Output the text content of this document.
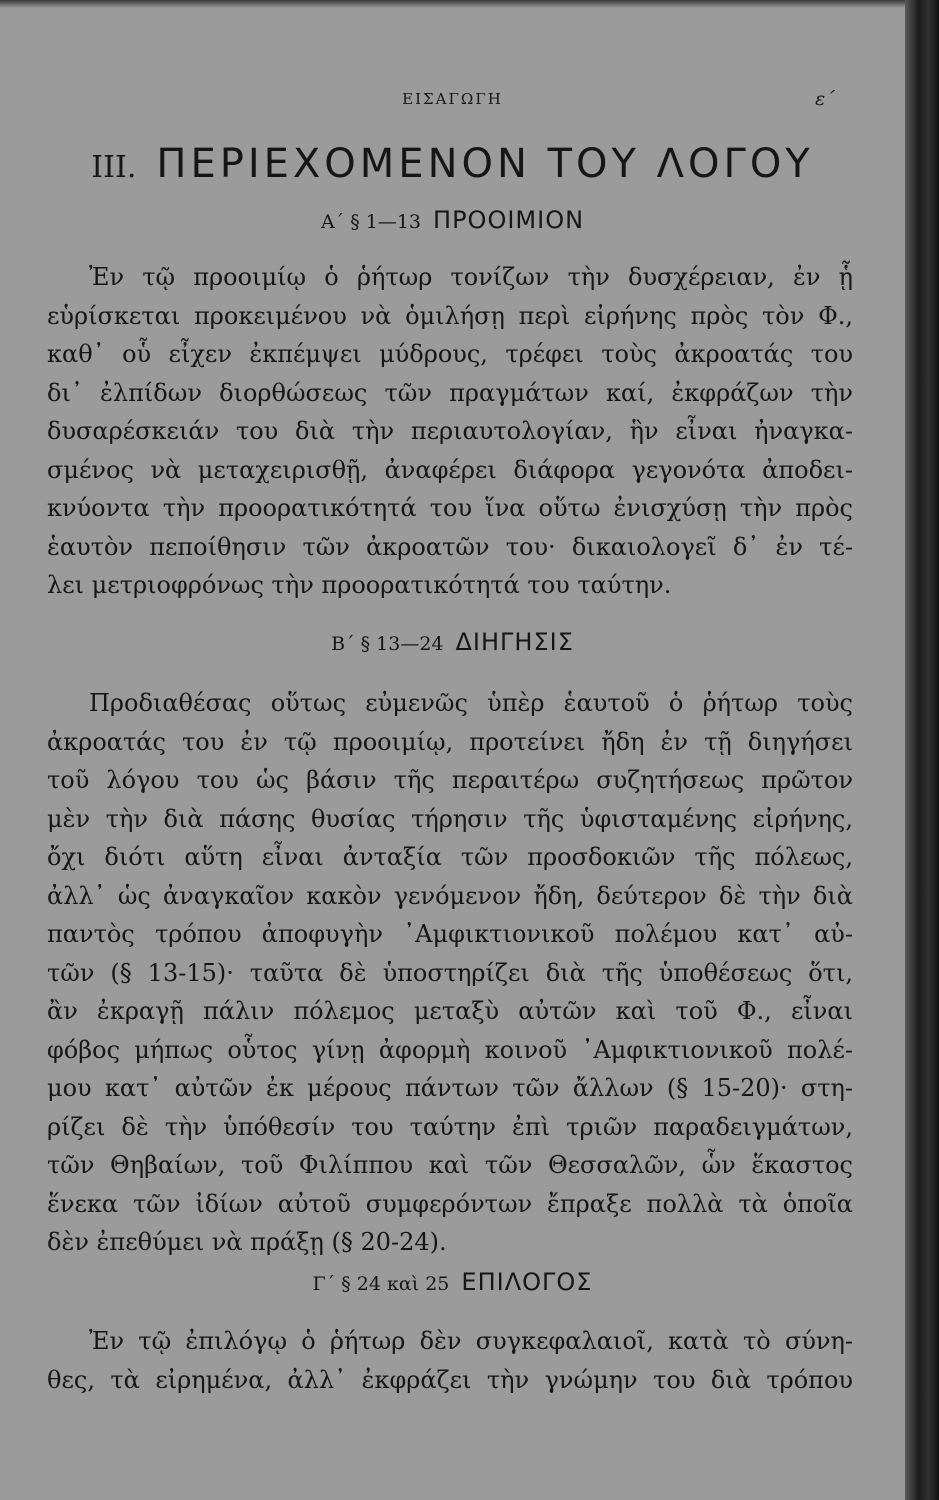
ΕΙΣΑΓΩΓΗ	ε´
III. ΠΕΡΙΕΧΟΜΕΝΟΝ ΤΟΥ ΛΟΓΟΥ
Α΄ § 1—13 ΠΡΟΟΙΜΙΟΝ
Ἐν τῷ προοιμίῳ ὁ ῥήτωρ τονίζων τὴν δυσχέρειαν, ἐν ᾗ
εὑρίσκεται προκειμένου νὰ ὁμιλήσῃ περὶ εἰρήνης πρὸς τὸν Φ.,
καθ᾽ οὗ εἶχεν ἐκπέμψει μύδρους, τρέφει τοὺς ἀκροατάς του
δι᾽ ἐλπίδων διορθώσεως τῶν πραγμάτων καί, ἐκφράζων τὴν
δυσαρέσκειάν του διὰ τὴν περιαυτολογίαν, ἣν εἶναι ἠναγκα-
σμένος νὰ μεταχειρισθῇ, ἀναφέρει διάφορα γεγονότα ἀποδει-
κνύοντα τὴν προορατικότητά του ἵνα οὕτω ἐνισχύσῃ τὴν πρὸς
ἑαυτὸν πεποίθησιν τῶν ἀκροατῶν του· δικαιολογεῖ δ᾽ ἐν τέ-
λει μετριοφρόνως τὴν προορατικότητά του ταύτην.
Β΄ § 13—24 ΔΙΗΓΗΣΙΣ
Προδιαθέσας οὕτως εὐμενῶς ὑπὲρ ἑαυτοῦ ὁ ῥήτωρ τοὺς
ἀκροατάς του ἐν τῷ προοιμίῳ, προτείνει ἤδη ἐν τῇ διηγήσει
τοῦ λόγου του ὡς βάσιν τῆς περαιτέρω συζητήσεως πρῶτον
μὲν τὴν διὰ πάσης θυσίας τήρησιν τῆς ὑφισταμένης εἰρήνης,
ὄχι διότι αὕτη εἶναι ἀνταξία τῶν προσδοκιῶν τῆς πόλεως,
ἀλλ᾽ ὡς ἀναγκαῖον κακὸν γενόμενον ἤδη, δεύτερον δὲ τὴν διὰ
παντὸς τρόπου ἀποφυγὴν ᾽Αμφικτιονικοῦ πολέμου κατ᾽ αὐ-
τῶν (§ 13-15)· ταῦτα δὲ ὑποστηρίζει διὰ τῆς ὑποθέσεως ὅτι,
ἂν ἐκραγῇ πάλιν πόλεμος μεταξὺ αὐτῶν καὶ τοῦ Φ., εἶναι
φόβος μήπως οὗτος γίνῃ ἀφορμὴ κοινοῦ ᾽Αμφικτιονικοῦ πολέ-
μου κατ᾽ αὐτῶν ἐκ μέρους πάντων τῶν ἄλλων (§ 15-20)· στη-
ρίζει δὲ τὴν ὑπόθεσίν του ταύτην ἐπὶ τριῶν παραδειγμάτων,
τῶν Θηβαίων, τοῦ Φιλίππου καὶ τῶν Θεσσαλῶν, ὧν ἕκαστος
ἕνεκα τῶν ἰδίων αὐτοῦ συμφερόντων ἔπραξε πολλὰ τὰ ὁποῖα
δὲν ἐπεθύμει νὰ πράξῃ (§ 20-24).
Γ΄ § 24 καὶ 25 ΕΠΙΛΟΓΟΣ
Ἐν τῷ ἐπιλόγῳ ὁ ῥήτωρ δὲν συγκεφαλαιοῖ, κατὰ τὸ σύνη-
θες, τὰ εἰρημένα, ἀλλ᾽ ἐκφράζει τὴν γνώμην του διὰ τρόπου
